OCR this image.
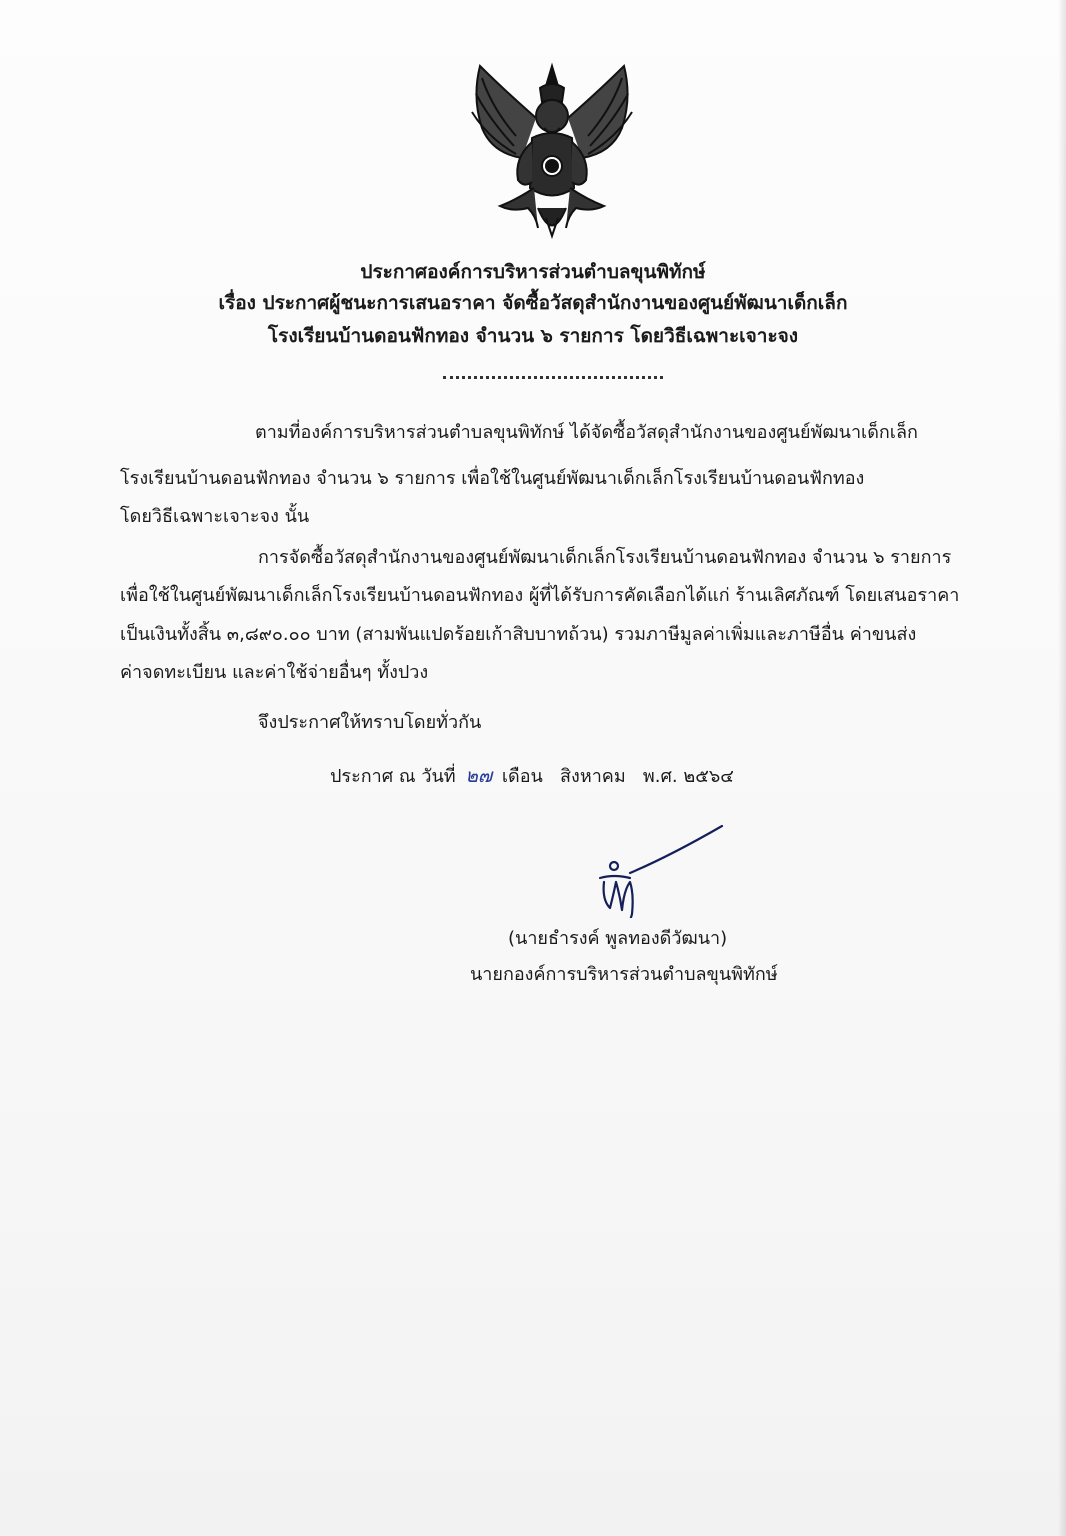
ประกาศองค์การบริหารส่วนตำบลขุนพิทักษ์
เรื่อง ประกาศผู้ชนะการเสนอราคา จัดซื้อวัสดุสำนักงานของศูนย์พัฒนาเด็กเล็ก
โรงเรียนบ้านดอนฟักทอง จำนวน ๖ รายการ โดยวิธีเฉพาะเจาะจง
ตามที่องค์การบริหารส่วนตำบลขุนพิทักษ์ ได้จัดซื้อวัสดุสำนักงานของศูนย์พัฒนาเด็กเล็ก
โรงเรียนบ้านดอนฟักทอง จำนวน ๖ รายการ เพื่อใช้ในศูนย์พัฒนาเด็กเล็กโรงเรียนบ้านดอนฟักทอง
โดยวิธีเฉพาะเจาะจง นั้น
การจัดซื้อวัสดุสำนักงานของศูนย์พัฒนาเด็กเล็กโรงเรียนบ้านดอนฟักทอง จำนวน ๖ รายการ
เพื่อใช้ในศูนย์พัฒนาเด็กเล็กโรงเรียนบ้านดอนฟักทอง ผู้ที่ได้รับการคัดเลือกได้แก่ ร้านเลิศภัณฑ์ โดยเสนอราคา
เป็นเงินทั้งสิ้น ๓,๘๙๐.๐๐ บาท (สามพันแปดร้อยเก้าสิบบาทถ้วน) รวมภาษีมูลค่าเพิ่มและภาษีอื่น ค่าขนส่ง
ค่าจดทะเบียน และค่าใช้จ่ายอื่นๆ ทั้งปวง
จึงประกาศให้ทราบโดยทั่วกัน
ประกาศ ณ วันที่ ๒๗ เดือน สิงหาคม พ.ศ. ๒๕๖๔
(นายธำรงค์ พูลทองดีวัฒนา)
นายกองค์การบริหารส่วนตำบลขุนพิทักษ์
